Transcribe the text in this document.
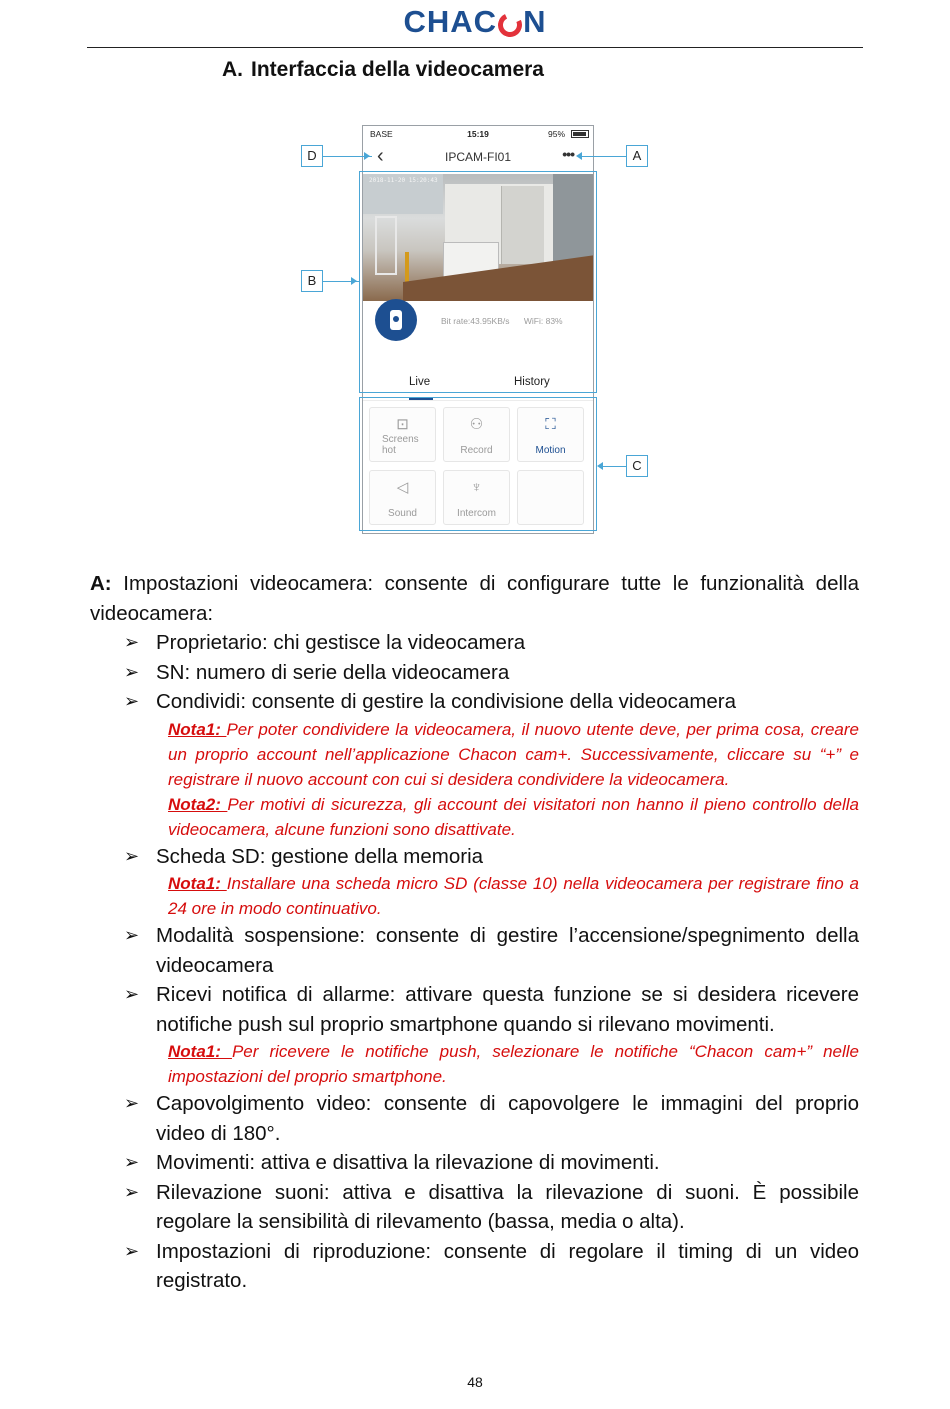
CHAC N
A. Interfaccia della videocamera
BASE	15:19	95%
‹	IPCAM-FI01	•••
2018-11-20 15:20:43
Bit rate:43.95KB/s WiFi: 83%
Live	History
⊡
Screens hot
⚇
Record
⛶
Motion
◁
Sound
♆
Intercom
D	A
B
C
A: Impostazioni videocamera: consente di configurare tutte le funzionalità della videocamera:
➢ Proprietario: chi gestisce la videocamera
➢ SN: numero di serie della videocamera
➢ Condividi: consente di gestire la condivisione della videocamera
Nota1: Per poter condividere la videocamera, il nuovo utente deve, per prima cosa, creare un proprio account nell’applicazione Chacon cam+. Successivamente, cliccare su “+” e registrare il nuovo account con cui si desidera condividere la videocamera.
Nota2: Per motivi di sicurezza, gli account dei visitatori non hanno il pieno controllo della videocamera, alcune funzioni sono disattivate.
➢ Scheda SD: gestione della memoria
Nota1: Installare una scheda micro SD (classe 10) nella videocamera per registrare fino a 24 ore in modo continuativo.
➢ Modalità sospensione: consente di gestire l’accensione/spegnimento della videocamera
➢ Ricevi notifica di allarme: attivare questa funzione se si desidera ricevere notifiche push sul proprio smartphone quando si rilevano movimenti.
Nota1: Per ricevere le notifiche push, selezionare le notifiche “Chacon cam+” nelle impostazioni del proprio smartphone.
➢ Capovolgimento video: consente di capovolgere le immagini del proprio video di 180°.
➢ Movimenti: attiva e disattiva la rilevazione di movimenti.
➢ Rilevazione suoni: attiva e disattiva la rilevazione di suoni. È possibile regolare la sensibilità di rilevamento (bassa, media o alta).
➢ Impostazioni di riproduzione: consente di regolare il timing di un video registrato.
48
